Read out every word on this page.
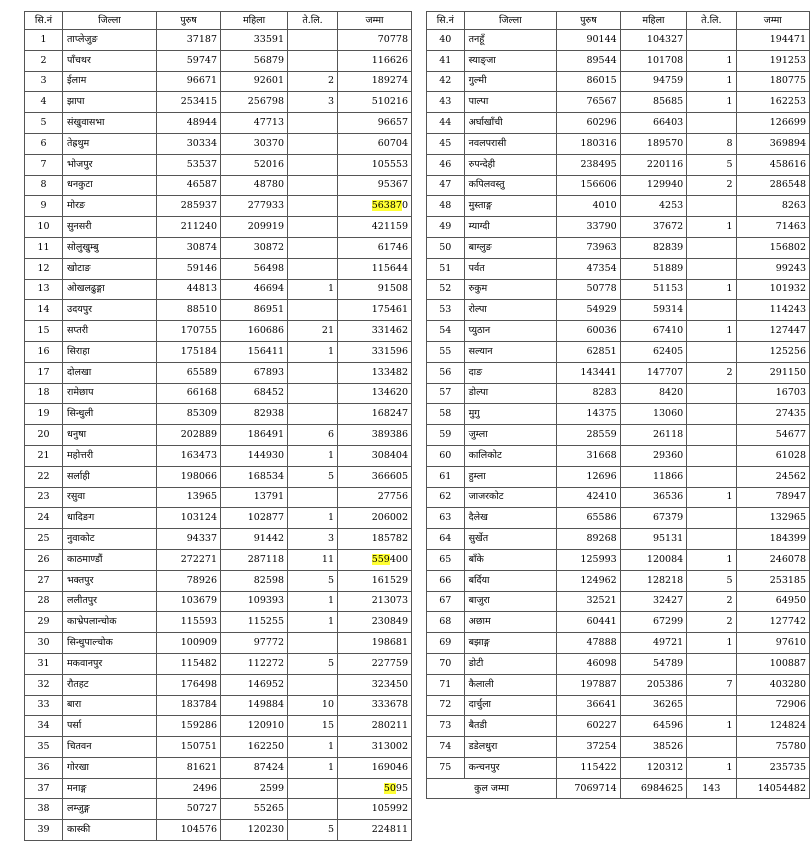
सि.नं	जिल्ला	पुरुष	महिला	ते.लि.	जम्मा
1	ताप्लेजुङ	37187	33591		70778
2	पाँचथर	59747	56879		116626
3	ईलाम	96671	92601	2	189274
4	झापा	253415	256798	3	510216
5	संखुवासभा	48944	47713		96657
6	तेह्रथुम	30334	30370		60704
7	भोजपुर	53537	52016		105553
8	धनकुटा	46587	48780		95367
9	मोरङ	285937	277933		563870
10	सुनसरी	211240	209919		421159
11	सोलुखुम्बु	30874	30872		61746
12	खोटाङ	59146	56498		115644
13	ओखलढुङ्गा	44813	46694	1	91508
14	उदयपुर	88510	86951		175461
15	सप्तरी	170755	160686	21	331462
16	सिराहा	175184	156411	1	331596
17	दोलखा	65589	67893		133482
18	रामेछाप	66168	68452		134620
19	सिन्धुली	85309	82938		168247
20	धनुषा	202889	186491	6	389386
21	महोत्तरी	163473	144930	1	308404
22	सर्लाही	198066	168534	5	366605
23	रसुवा	13965	13791		27756
24	धादिङग	103124	102877	1	206002
25	नुवाकोट	94337	91442	3	185782
26	काठमाण्डौं	272271	287118	11	559400
27	भक्तपुर	78926	82598	5	161529
28	ललीतपुर	103679	109393	1	213073
29	काभ्रेपलान्चोक	115593	115255	1	230849
30	सिन्धुपाल्चोक	100909	97772		198681
31	मकवानपुर	115482	112272	5	227759
32	रौतहट	176498	146952		323450
33	बारा	183784	149884	10	333678
34	पर्सा	159286	120910	15	280211
35	चितवन	150751	162250	1	313002
36	गोरखा	81621	87424	1	169046
37	मनाङ्ग	2496	2599		5095
38	लम्जुङ्ग	50727	55265		105992
39	कास्की	104576	120230	5	224811
सि.नं	जिल्ला	पुरुष	महिला	ते.लि.	जम्मा
40	तनहूँ	90144	104327		194471
41	स्याङ्जा	89544	101708	1	191253
42	गुल्मी	86015	94759	1	180775
43	पाल्पा	76567	85685	1	162253
44	अर्घाखाँची	60296	66403		126699
45	नवलपरासी	180316	189570	8	369894
46	रुपन्देही	238495	220116	5	458616
47	कपिलवस्तु	156606	129940	2	286548
48	मुस्ताङ्ग	4010	4253		8263
49	म्याग्दी	33790	37672	1	71463
50	बाग्लुङ	73963	82839		156802
51	पर्वत	47354	51889		99243
52	रुकुम	50778	51153	1	101932
53	रोल्पा	54929	59314		114243
54	प्युठान	60036	67410	1	127447
55	सल्यान	62851	62405		125256
56	दाङ	143441	147707	2	291150
57	डोल्पा	8283	8420		16703
58	मुगु	14375	13060		27435
59	जुम्ला	28559	26118		54677
60	कालिकोट	31668	29360		61028
61	हुम्ला	12696	11866		24562
62	जाजरकोट	42410	36536	1	78947
63	दैलेख	65586	67379		132965
64	सुर्खेत	89268	95131		184399
65	बाँके	125993	120084	1	246078
66	बर्दिया	124962	128218	5	253185
67	बाजुरा	32521	32427	2	64950
68	अछाम	60441	67299	2	127742
69	बझाङ्ग	47888	49721	1	97610
70	डोटी	46098	54789		100887
71	कैलाली	197887	205386	7	403280
72	दार्चुला	36641	36265		72906
73	बैतडी	60227	64596	1	124824
74	डडेलधुरा	37254	38526		75780
75	कन्चनपुर	115422	120312	1	235735
कुल जम्मा		7069714	6984625	143	14054482
